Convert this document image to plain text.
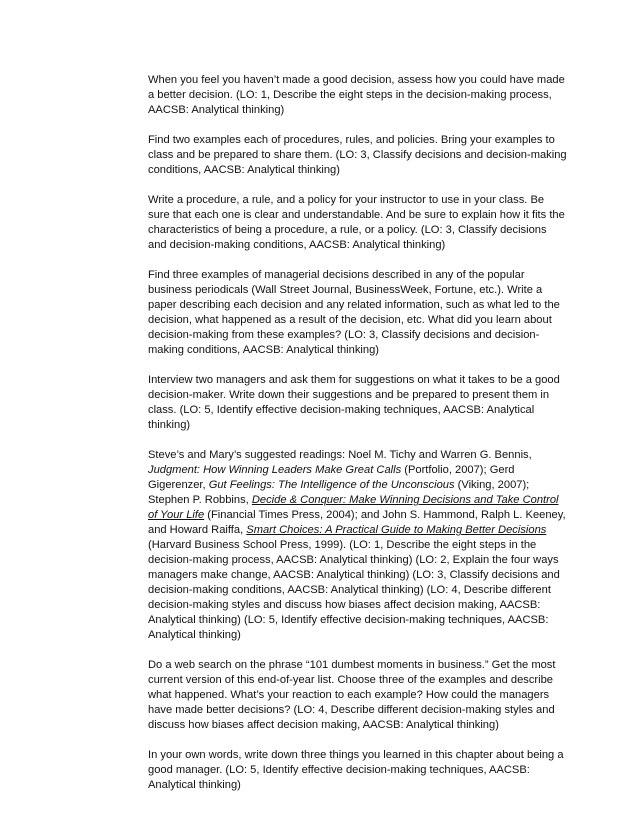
When you feel you haven’t made a good decision, assess how you could have made a better decision. (LO: 1, Describe the eight steps in the decision-making process, AACSB: Analytical thinking)

Find two examples each of procedures, rules, and policies. Bring your examples to class and be prepared to share them. (LO: 3, Classify decisions and decision-making conditions, AACSB: Analytical thinking)

Write a procedure, a rule, and a policy for your instructor to use in your class. Be sure that each one is clear and understandable. And be sure to explain how it fits the characteristics of being a procedure, a rule, or a policy. (LO: 3, Classify decisions and decision-making conditions, AACSB: Analytical thinking)

Find three examples of managerial decisions described in any of the popular business periodicals (Wall Street Journal, BusinessWeek, Fortune, etc.). Write a paper describing each decision and any related information, such as what led to the decision, what happened as a result of the decision, etc. What did you learn about decision-making from these examples? (LO: 3, Classify decisions and decision-making conditions, AACSB: Analytical thinking)

Interview two managers and ask them for suggestions on what it takes to be a good decision-maker. Write down their suggestions and be prepared to present them in class. (LO: 5, Identify effective decision-making techniques, AACSB: Analytical thinking)

Steve’s and Mary’s suggested readings: Noel M. Tichy and Warren G. Bennis, Judgment: How Winning Leaders Make Great Calls (Portfolio, 2007); Gerd Gigerenzer, Gut Feelings: The Intelligence of the Unconscious (Viking, 2007); Stephen P. Robbins, Decide & Conquer: Make Winning Decisions and Take Control of Your Life (Financial Times Press, 2004); and John S. Hammond, Ralph L. Keeney, and Howard Raiffa, Smart Choices: A Practical Guide to Making Better Decisions (Harvard Business School Press, 1999). (LO: 1, Describe the eight steps in the decision-making process, AACSB: Analytical thinking) (LO: 2, Explain the four ways managers make change, AACSB: Analytical thinking) (LO: 3, Classify decisions and decision-making conditions, AACSB: Analytical thinking) (LO: 4, Describe different decision-making styles and discuss how biases affect decision making, AACSB: Analytical thinking) (LO: 5, Identify effective decision-making techniques, AACSB: Analytical thinking)

Do a web search on the phrase “101 dumbest moments in business.” Get the most current version of this end-of-year list. Choose three of the examples and describe what happened. What’s your reaction to each example? How could the managers have made better decisions? (LO: 4, Describe different decision-making styles and discuss how biases affect decision making, AACSB: Analytical thinking)

In your own words, write down three things you learned in this chapter about being a good manager. (LO: 5, Identify effective decision-making techniques, AACSB: Analytical thinking)
